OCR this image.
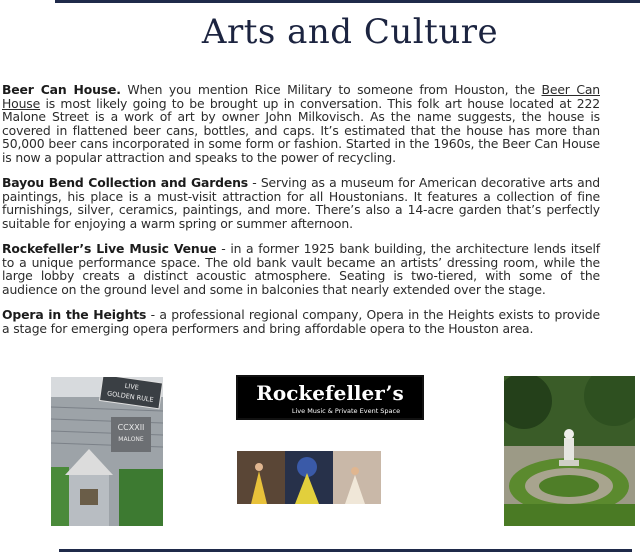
Arts and Culture

Beer Can House. When you mention Rice Military to someone from Houston, the Beer Can House is most likely going to be brought up in conversation. This folk art house located at 222 Malone Street is a work of art by owner John Milkovisch. As the name suggests, the house is covered in flattened beer cans, bottles, and caps. It’s estimated that the house has more than 50,000 beer cans incorporated in some form or fashion. Started in the 1960s, the Beer Can House is now a popular attraction and speaks to the power of recycling.

Bayou Bend Collection and Gardens - Serving as a museum for American decorative arts and paintings, his place is a must-visit attraction for all Houstonians. It features a collection of fine furnishings, silver, ceramics, paintings, and more. There’s also a 14-acre garden that’s perfectly suitable for enjoying a warm spring or summer afternoon.

Rockefeller’s Live Music Venue - in a former 1925 bank building, the architecture lends itself to a unique performance space. The old bank vault became an artists’ dressing room, while the large lobby creats a distinct acoustic atmosphere. Seating is two-tiered, with some of the audience on the ground level and some in balconies that nearly extended over the stage.

Opera in the Heights - a professional regional company, Opera in the Heights exists to provide a stage for emerging opera performers and bring affordable opera to the Houston area.

CCXXII
MALONE
LIVE
GOLDEN RULE	Rockefeller’s
Live Music & Private Event Space
